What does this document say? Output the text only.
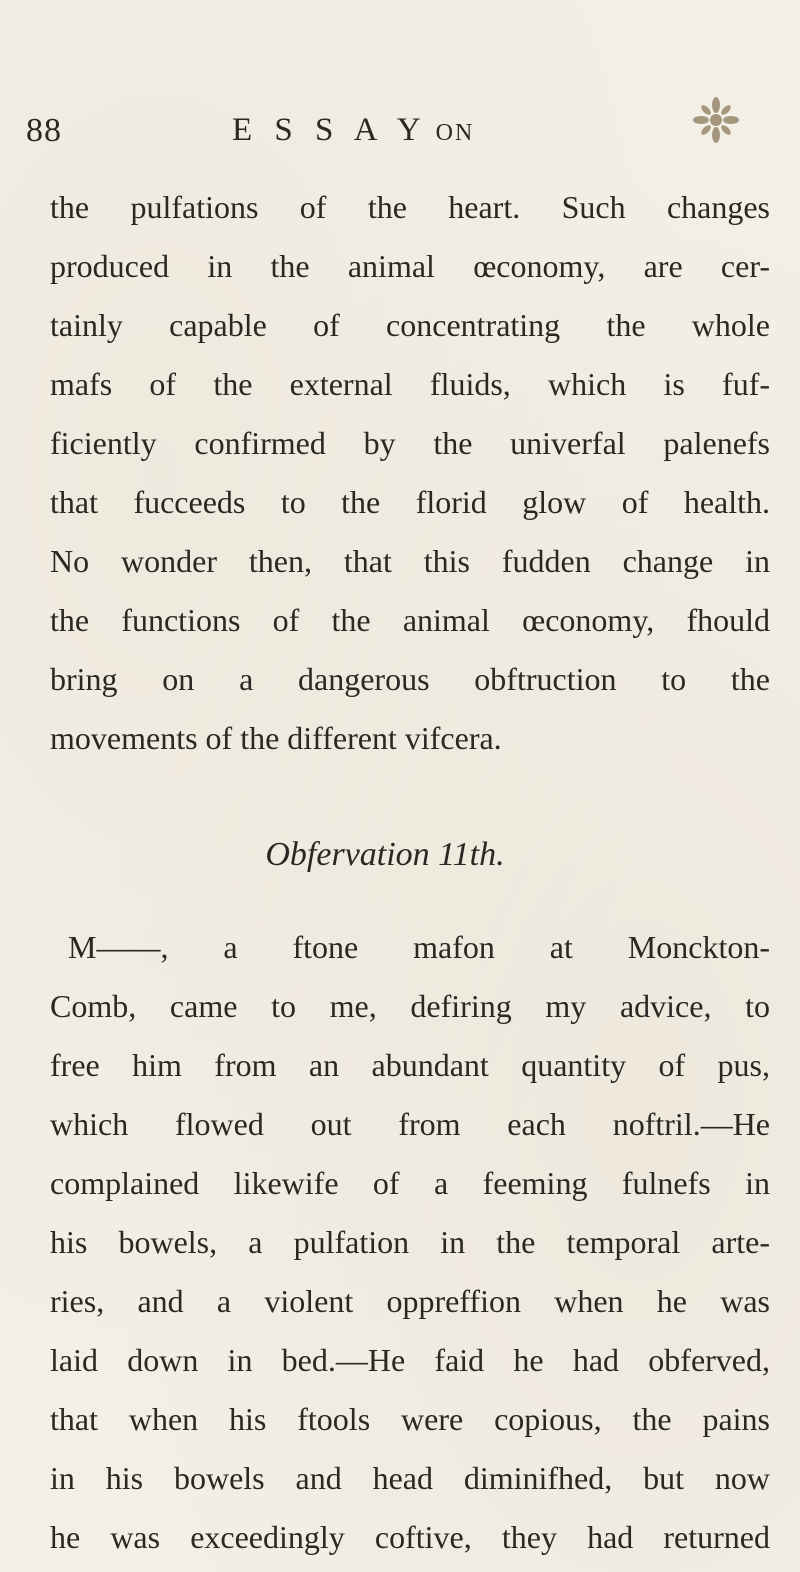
88	E S S A Y ON
the pulfations of the heart. Such changes
produced in the animal œconomy, are cer-
tainly capable of concentrating the whole
mafs of the external fluids, which is fuf-
ficiently confirmed by the univerfal palenefs
that fucceeds to the florid glow of health.
No wonder then, that this fudden change in
the functions of the animal œconomy, fhould
bring on a dangerous obftruction to the
movements of the different vifcera.
Obfervation 11th.
M——, a ftone mafon at Monckton-
Comb, came to me, defiring my advice, to
free him from an abundant quantity of pus,
which flowed out from each noftril.—He
complained likewife of a feeming fulnefs in
his bowels, a pulfation in the temporal arte-
ries, and a violent oppreffion when he was
laid down in bed.—He faid he had obferved,
that when his ftools were copious, the pains
in his bowels and head diminifhed, but now
he was exceedingly coftive, they had returned
